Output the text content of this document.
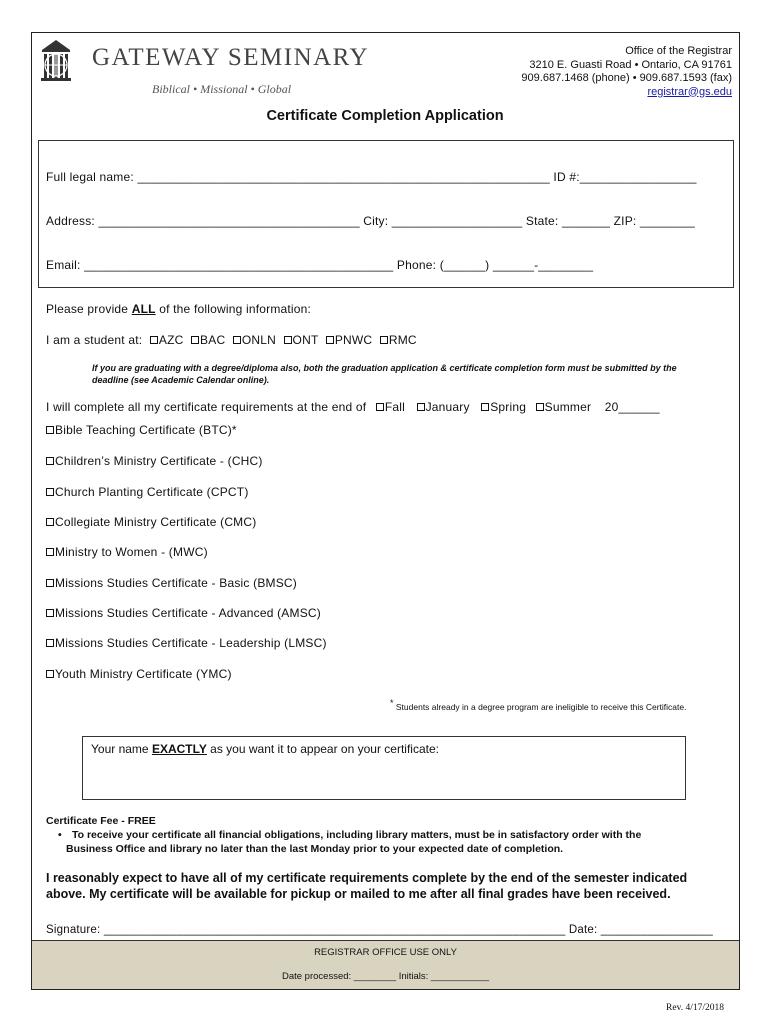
GATEWAY SEMINARY
Biblical • Missional • Global
Office of the Registrar
3210 E. Guasti Road • Ontario, CA 91761
909.687.1468 (phone) • 909.687.1593 (fax)
registrar@gs.edu
Certificate Completion Application
Full legal name: ____________________________________________________________ ID #:_________________
Address: ______________________________________ City: ___________________ State: _______ ZIP: ________
Email: _____________________________________________ Phone: (______) ______-________
Please provide ALL of the following information:
I am a student at: AZC BAC ONLN ONT PNWC RMC
If you are graduating with a degree/diploma also, both the graduation application & certificate completion form must be submitted by the deadline (see Academic Calendar online).
I will complete all my certificate requirements at the end of Fall January Spring Summer 20______
Bible Teaching Certificate (BTC)*
Children’s Ministry Certificate - (CHC)
Church Planting Certificate (CPCT)
Collegiate Ministry Certificate (CMC)
Ministry to Women - (MWC)
Missions Studies Certificate - Basic (BMSC)
Missions Studies Certificate - Advanced (AMSC)
Missions Studies Certificate - Leadership (LMSC)
Youth Ministry Certificate (YMC)
* Students already in a degree program are ineligible to receive this Certificate.
Your name EXACTLY as you want it to appear on your certificate:
Certificate Fee - FREE
• To receive your certificate all financial obligations, including library matters, must be in satisfactory order with the
Business Office and library no later than the last Monday prior to your expected date of completion.
I reasonably expect to have all of my certificate requirements complete by the end of the semester indicated above. My certificate will be available for pickup or mailed to me after all final grades have been received.
Signature: ______________________________________________________________________ Date: _________________
REGISTRAR OFFICE USE ONLY
Date processed: ________ Initials: ___________
Rev. 4/17/2018
